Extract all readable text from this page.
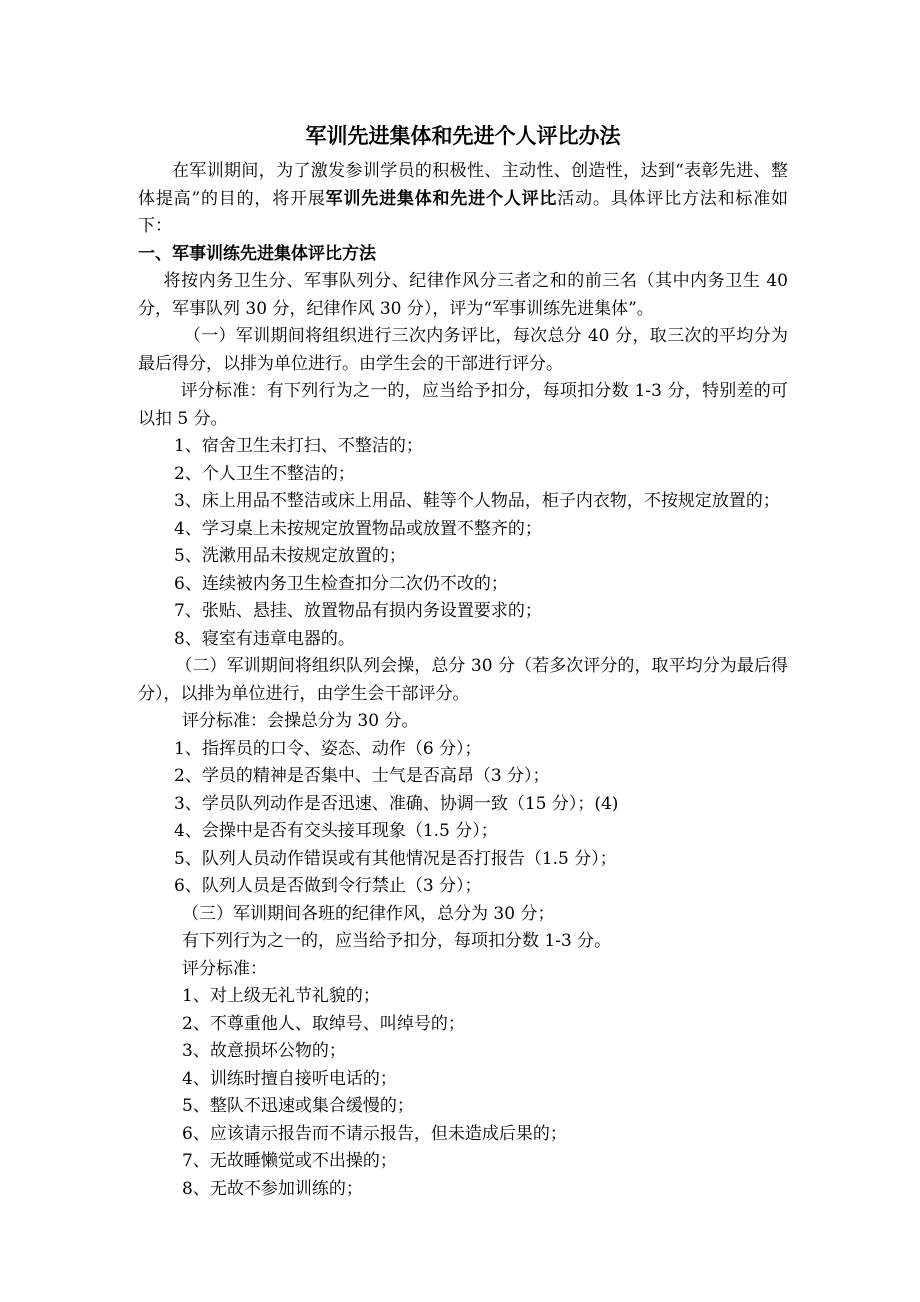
军训先进集体和先进个人评比办法

在军训期间，为了激发参训学员的积极性、主动性、创造性，达到“表彰先进、整体提高”的目的，将开展军训先进集体和先进个人评比活动。具体评比方法和标准如下：

一、军事训练先进集体评比方法

将按内务卫生分、军事队列分、纪律作风分三者之和的前三名（其中内务卫生 40 分，军事队列 30 分，纪律作风 30 分），评为“军事训练先进集体”。

（一）军训期间将组织进行三次内务评比，每次总分 40 分，取三次的平均分为最后得分，以排为单位进行。由学生会的干部进行评分。

评分标准：有下列行为之一的，应当给予扣分，每项扣分数 1-3 分，特别差的可以扣 5 分。

1、宿舍卫生未打扫、不整洁的；

2、个人卫生不整洁的；

3、床上用品不整洁或床上用品、鞋等个人物品，柜子内衣物，不按规定放置的；

4、学习桌上未按规定放置物品或放置不整齐的；

5、洗漱用品未按规定放置的；

6、连续被内务卫生检查扣分二次仍不改的；

7、张贴、悬挂、放置物品有损内务设置要求的；

8、寝室有违章电器的。

（二）军训期间将组织队列会操，总分 30 分（若多次评分的，取平均分为最后得分），以排为单位进行，由学生会干部评分。

评分标准：会操总分为 30 分。

1、指挥员的口令、姿态、动作（6 分）；

2、学员的精神是否集中、士气是否高昂（3 分）；

3、学员队列动作是否迅速、准确、协调一致（15 分）；(4)

4、会操中是否有交头接耳现象（1.5 分）；

5、队列人员动作错误或有其他情况是否打报告（1.5 分）；

6、队列人员是否做到令行禁止（3 分）；

（三）军训期间各班的纪律作风，总分为 30 分；

有下列行为之一的，应当给予扣分，每项扣分数 1-3 分。

评分标准：

1、对上级无礼节礼貌的；

2、不尊重他人、取绰号、叫绰号的；

3、故意损坏公物的；

4、训练时擅自接听电话的；

5、整队不迅速或集合缓慢的；

6、应该请示报告而不请示报告，但未造成后果的；

7、无故睡懒觉或不出操的；

8、无故不参加训练的；
